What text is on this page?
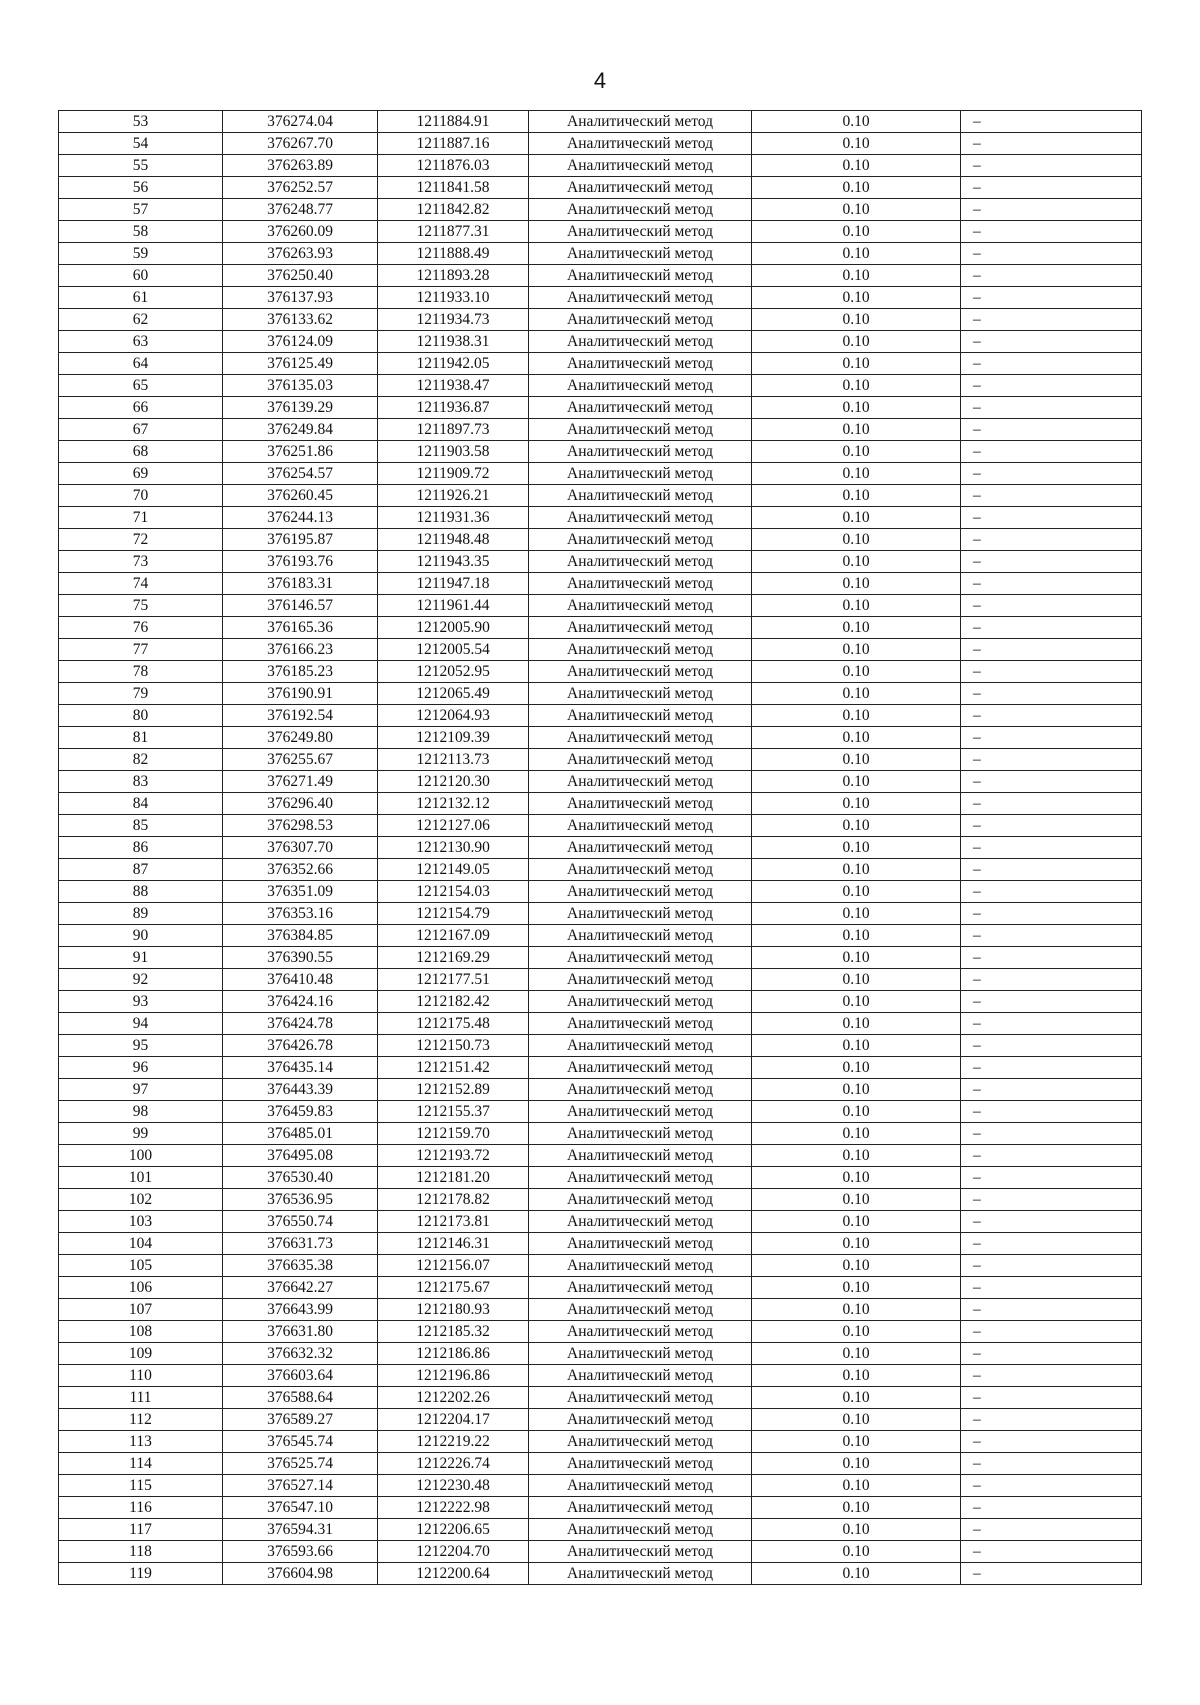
4
53	376274.04	1211884.91	Аналитический метод	0.10	–
54	376267.70	1211887.16	Аналитический метод	0.10	–
55	376263.89	1211876.03	Аналитический метод	0.10	–
56	376252.57	1211841.58	Аналитический метод	0.10	–
57	376248.77	1211842.82	Аналитический метод	0.10	–
58	376260.09	1211877.31	Аналитический метод	0.10	–
59	376263.93	1211888.49	Аналитический метод	0.10	–
60	376250.40	1211893.28	Аналитический метод	0.10	–
61	376137.93	1211933.10	Аналитический метод	0.10	–
62	376133.62	1211934.73	Аналитический метод	0.10	–
63	376124.09	1211938.31	Аналитический метод	0.10	–
64	376125.49	1211942.05	Аналитический метод	0.10	–
65	376135.03	1211938.47	Аналитический метод	0.10	–
66	376139.29	1211936.87	Аналитический метод	0.10	–
67	376249.84	1211897.73	Аналитический метод	0.10	–
68	376251.86	1211903.58	Аналитический метод	0.10	–
69	376254.57	1211909.72	Аналитический метод	0.10	–
70	376260.45	1211926.21	Аналитический метод	0.10	–
71	376244.13	1211931.36	Аналитический метод	0.10	–
72	376195.87	1211948.48	Аналитический метод	0.10	–
73	376193.76	1211943.35	Аналитический метод	0.10	–
74	376183.31	1211947.18	Аналитический метод	0.10	–
75	376146.57	1211961.44	Аналитический метод	0.10	–
76	376165.36	1212005.90	Аналитический метод	0.10	–
77	376166.23	1212005.54	Аналитический метод	0.10	–
78	376185.23	1212052.95	Аналитический метод	0.10	–
79	376190.91	1212065.49	Аналитический метод	0.10	–
80	376192.54	1212064.93	Аналитический метод	0.10	–
81	376249.80	1212109.39	Аналитический метод	0.10	–
82	376255.67	1212113.73	Аналитический метод	0.10	–
83	376271.49	1212120.30	Аналитический метод	0.10	–
84	376296.40	1212132.12	Аналитический метод	0.10	–
85	376298.53	1212127.06	Аналитический метод	0.10	–
86	376307.70	1212130.90	Аналитический метод	0.10	–
87	376352.66	1212149.05	Аналитический метод	0.10	–
88	376351.09	1212154.03	Аналитический метод	0.10	–
89	376353.16	1212154.79	Аналитический метод	0.10	–
90	376384.85	1212167.09	Аналитический метод	0.10	–
91	376390.55	1212169.29	Аналитический метод	0.10	–
92	376410.48	1212177.51	Аналитический метод	0.10	–
93	376424.16	1212182.42	Аналитический метод	0.10	–
94	376424.78	1212175.48	Аналитический метод	0.10	–
95	376426.78	1212150.73	Аналитический метод	0.10	–
96	376435.14	1212151.42	Аналитический метод	0.10	–
97	376443.39	1212152.89	Аналитический метод	0.10	–
98	376459.83	1212155.37	Аналитический метод	0.10	–
99	376485.01	1212159.70	Аналитический метод	0.10	–
100	376495.08	1212193.72	Аналитический метод	0.10	–
101	376530.40	1212181.20	Аналитический метод	0.10	–
102	376536.95	1212178.82	Аналитический метод	0.10	–
103	376550.74	1212173.81	Аналитический метод	0.10	–
104	376631.73	1212146.31	Аналитический метод	0.10	–
105	376635.38	1212156.07	Аналитический метод	0.10	–
106	376642.27	1212175.67	Аналитический метод	0.10	–
107	376643.99	1212180.93	Аналитический метод	0.10	–
108	376631.80	1212185.32	Аналитический метод	0.10	–
109	376632.32	1212186.86	Аналитический метод	0.10	–
110	376603.64	1212196.86	Аналитический метод	0.10	–
111	376588.64	1212202.26	Аналитический метод	0.10	–
112	376589.27	1212204.17	Аналитический метод	0.10	–
113	376545.74	1212219.22	Аналитический метод	0.10	–
114	376525.74	1212226.74	Аналитический метод	0.10	–
115	376527.14	1212230.48	Аналитический метод	0.10	–
116	376547.10	1212222.98	Аналитический метод	0.10	–
117	376594.31	1212206.65	Аналитический метод	0.10	–
118	376593.66	1212204.70	Аналитический метод	0.10	–
119	376604.98	1212200.64	Аналитический метод	0.10	–
